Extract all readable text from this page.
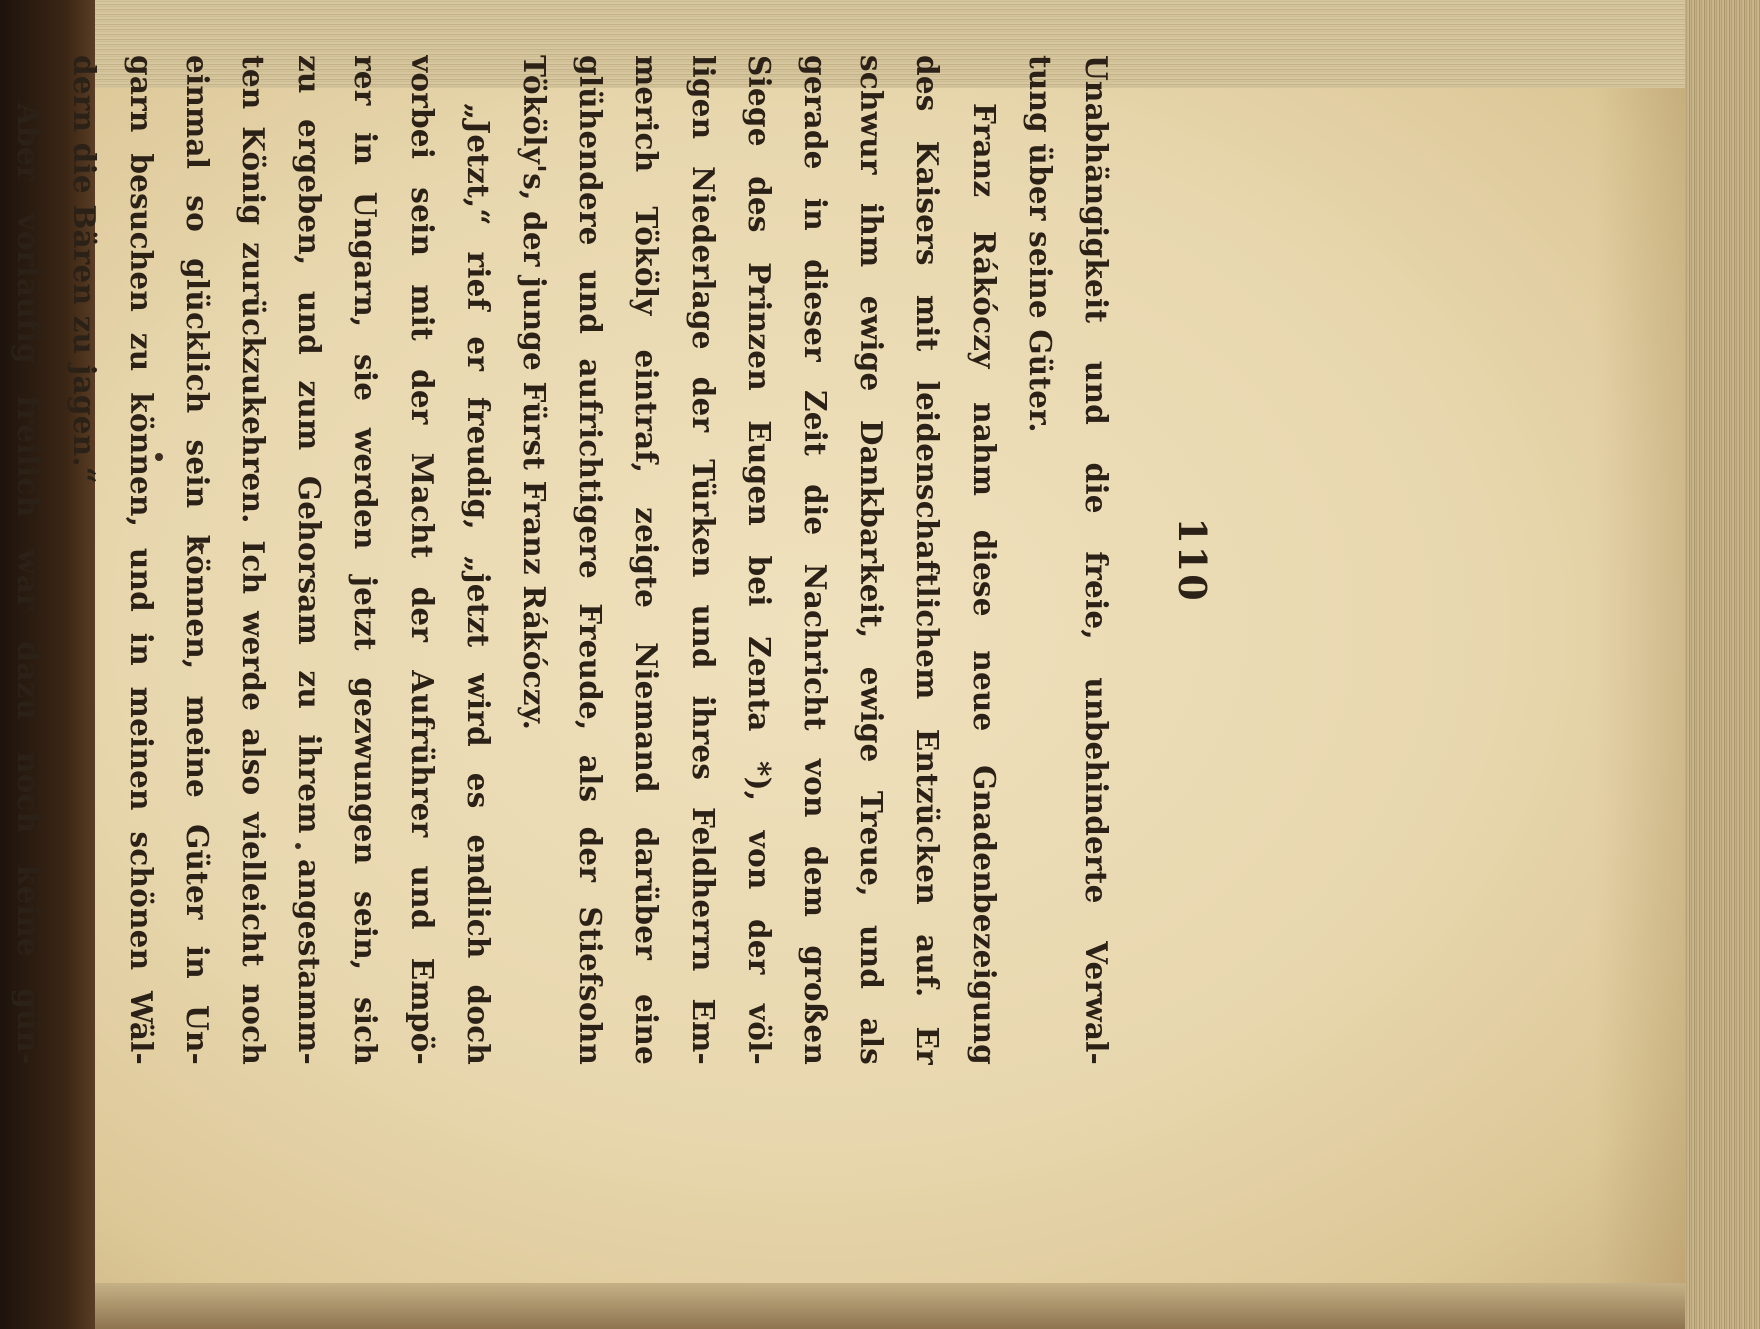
110
Unabhängigkeit und die freie, unbehinderte Verwal-
tung über seine Güter.
Franz Rákóczy nahm diese neue Gnadenbezeigung
des Kaisers mit leidenschaftlichem Entzücken auf. Er
schwur ihm ewige Dankbarkeit, ewige Treue, und als
gerade in dieser Zeit die Nachricht von dem großen
Siege des Prinzen Eugen bei Zenta *), von der völ-
ligen Niederlage der Türken und ihres Feldherrn Em-
merich Tököly eintraf, zeigte Niemand darüber eine
glühendere und aufrichtigere Freude, als der Stiefsohn
Tököly's, der junge Fürst Franz Rákóczy.
„Jetzt,“ rief er freudig, „jetzt wird es endlich doch
vorbei sein mit der Macht der Aufrührer und Empö-
rer in Ungarn, sie werden jetzt gezwungen sein, sich
zu ergeben, und zum Gehorsam zu ihrem angestamm-
ten König zurückzukehren. Ich werde also vielleicht noch
einmal so glücklich sein können, meine Güter in Un-
garn besuchen zu können, und in meinen schönen Wäl-
dern die Bären zu jagen.“
Aber vorläufig freilich war dazu noch keine gün-
